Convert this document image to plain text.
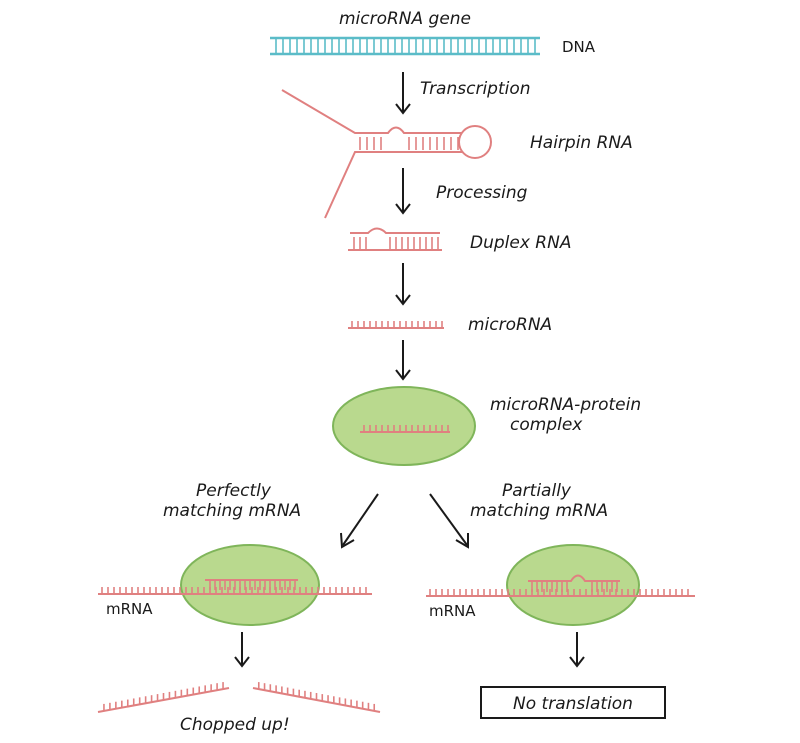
microRNA gene
DNA
Transcription
Hairpin RNA
Processing
Duplex RNA
microRNA
microRNA-protein
complex
Perfectly
matching mRNA
Partially
matching mRNA
mRNA
Chopped up!
mRNA
No translation
